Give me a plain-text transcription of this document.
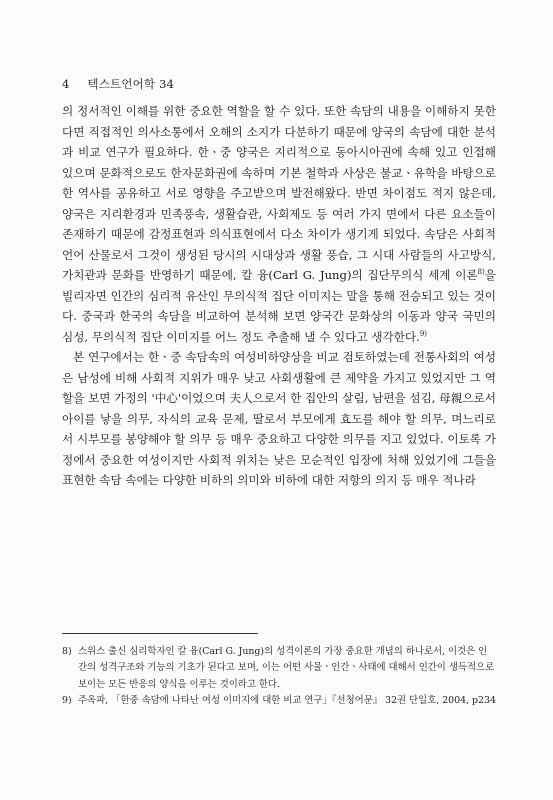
4 텍스트언어학 34

의 정서적인 이해를 위한 중요한 역할을 할 수 있다. 또한 속담의 내용을 이해하지 못한다면 직접적인 의사소통에서 오해의 소지가 다분하기 때문에 양국의 속담에 대한 분석과 비교 연구가 필요하다. 한ㆍ중 양국은 지리적으로 동아시아권에 속해 있고 인접해 있으며 문화적으로도 한자문화권에 속하며 기본 철학과 사상은 불교ㆍ유학을 바탕으로 한 역사를 공유하고 서로 영향을 주고받으며 발전해왔다. 반면 차이점도 적지 않은데, 양국은 지리환경과 민족풍속, 생활습관, 사회제도 등 여러 가지 면에서 다른 요소들이 존재하기 때문에 감정표현과 의식표현에서 다소 차이가 생기게 되었다. 속담은 사회적 언어 산물로서 그것이 생성된 당시의 시대상과 생활 풍습, 그 시대 사람들의 사고방식, 가치관과 문화를 반영하기 때문에, 칼 융(Carl G. Jung)의 집단무의식 세계 이론$^{8)}$을 빌리자면 인간의 심리적 유산인 무의식적 집단 이미지는 말을 통해 전승되고 있는 것이다. 중국과 한국의 속담을 비교하여 분석해 보면 양국간 문화상의 이동과 양국 국민의 심성, 무의식적 집단 이미지를 어느 정도 추출해 낼 수 있다고 생각한다.$^{9)}$

본 연구에서는 한ㆍ중 속담속의 여성비하양상을 비교 검토하였는데 전통사회의 여성은 남성에 비해 사회적 지위가 매우 낮고 사회생활에 큰 제약을 가지고 있었지만 그 역할을 보면 가정의 '中心'이었으며 夫人으로서 한 집안의 살림, 남편을 섬김, 母親으로서 아이를 낳을 의무, 자식의 교육 문제, 딸로서 부모에게 효도를 해야 할 의무, 며느리로서 시부모를 봉양해야 할 의무 등 매우 중요하고 다양한 의무를 지고 있었다. 이토록 가정에서 중요한 여성이지만 사회적 위치는 낮은 모순적인 입장에 처해 있었기에 그들을 표현한 속담 속에는 다양한 비하의 의미와 비하에 대한 저항의 의지 등 매우 적나라

8) 스위스 출신 심리학자인 칼 융(Carl G. Jung)의 성격이론의 가장 중요한 개념의 하나로서, 이것은 인간의 성격구조와 기능의 기초가 된다고 보며, 이는 어떤 사물ㆍ인간ㆍ사태에 대해서 인간이 생득적으로 보이는 모든 반응의 양식을 이루는 것이라고 한다.

9) 주옥파, 「한중 속담에 나타난 여성 이미지에 대한 비교 연구」『선청어문』 32권 단일호, 2004, p234
